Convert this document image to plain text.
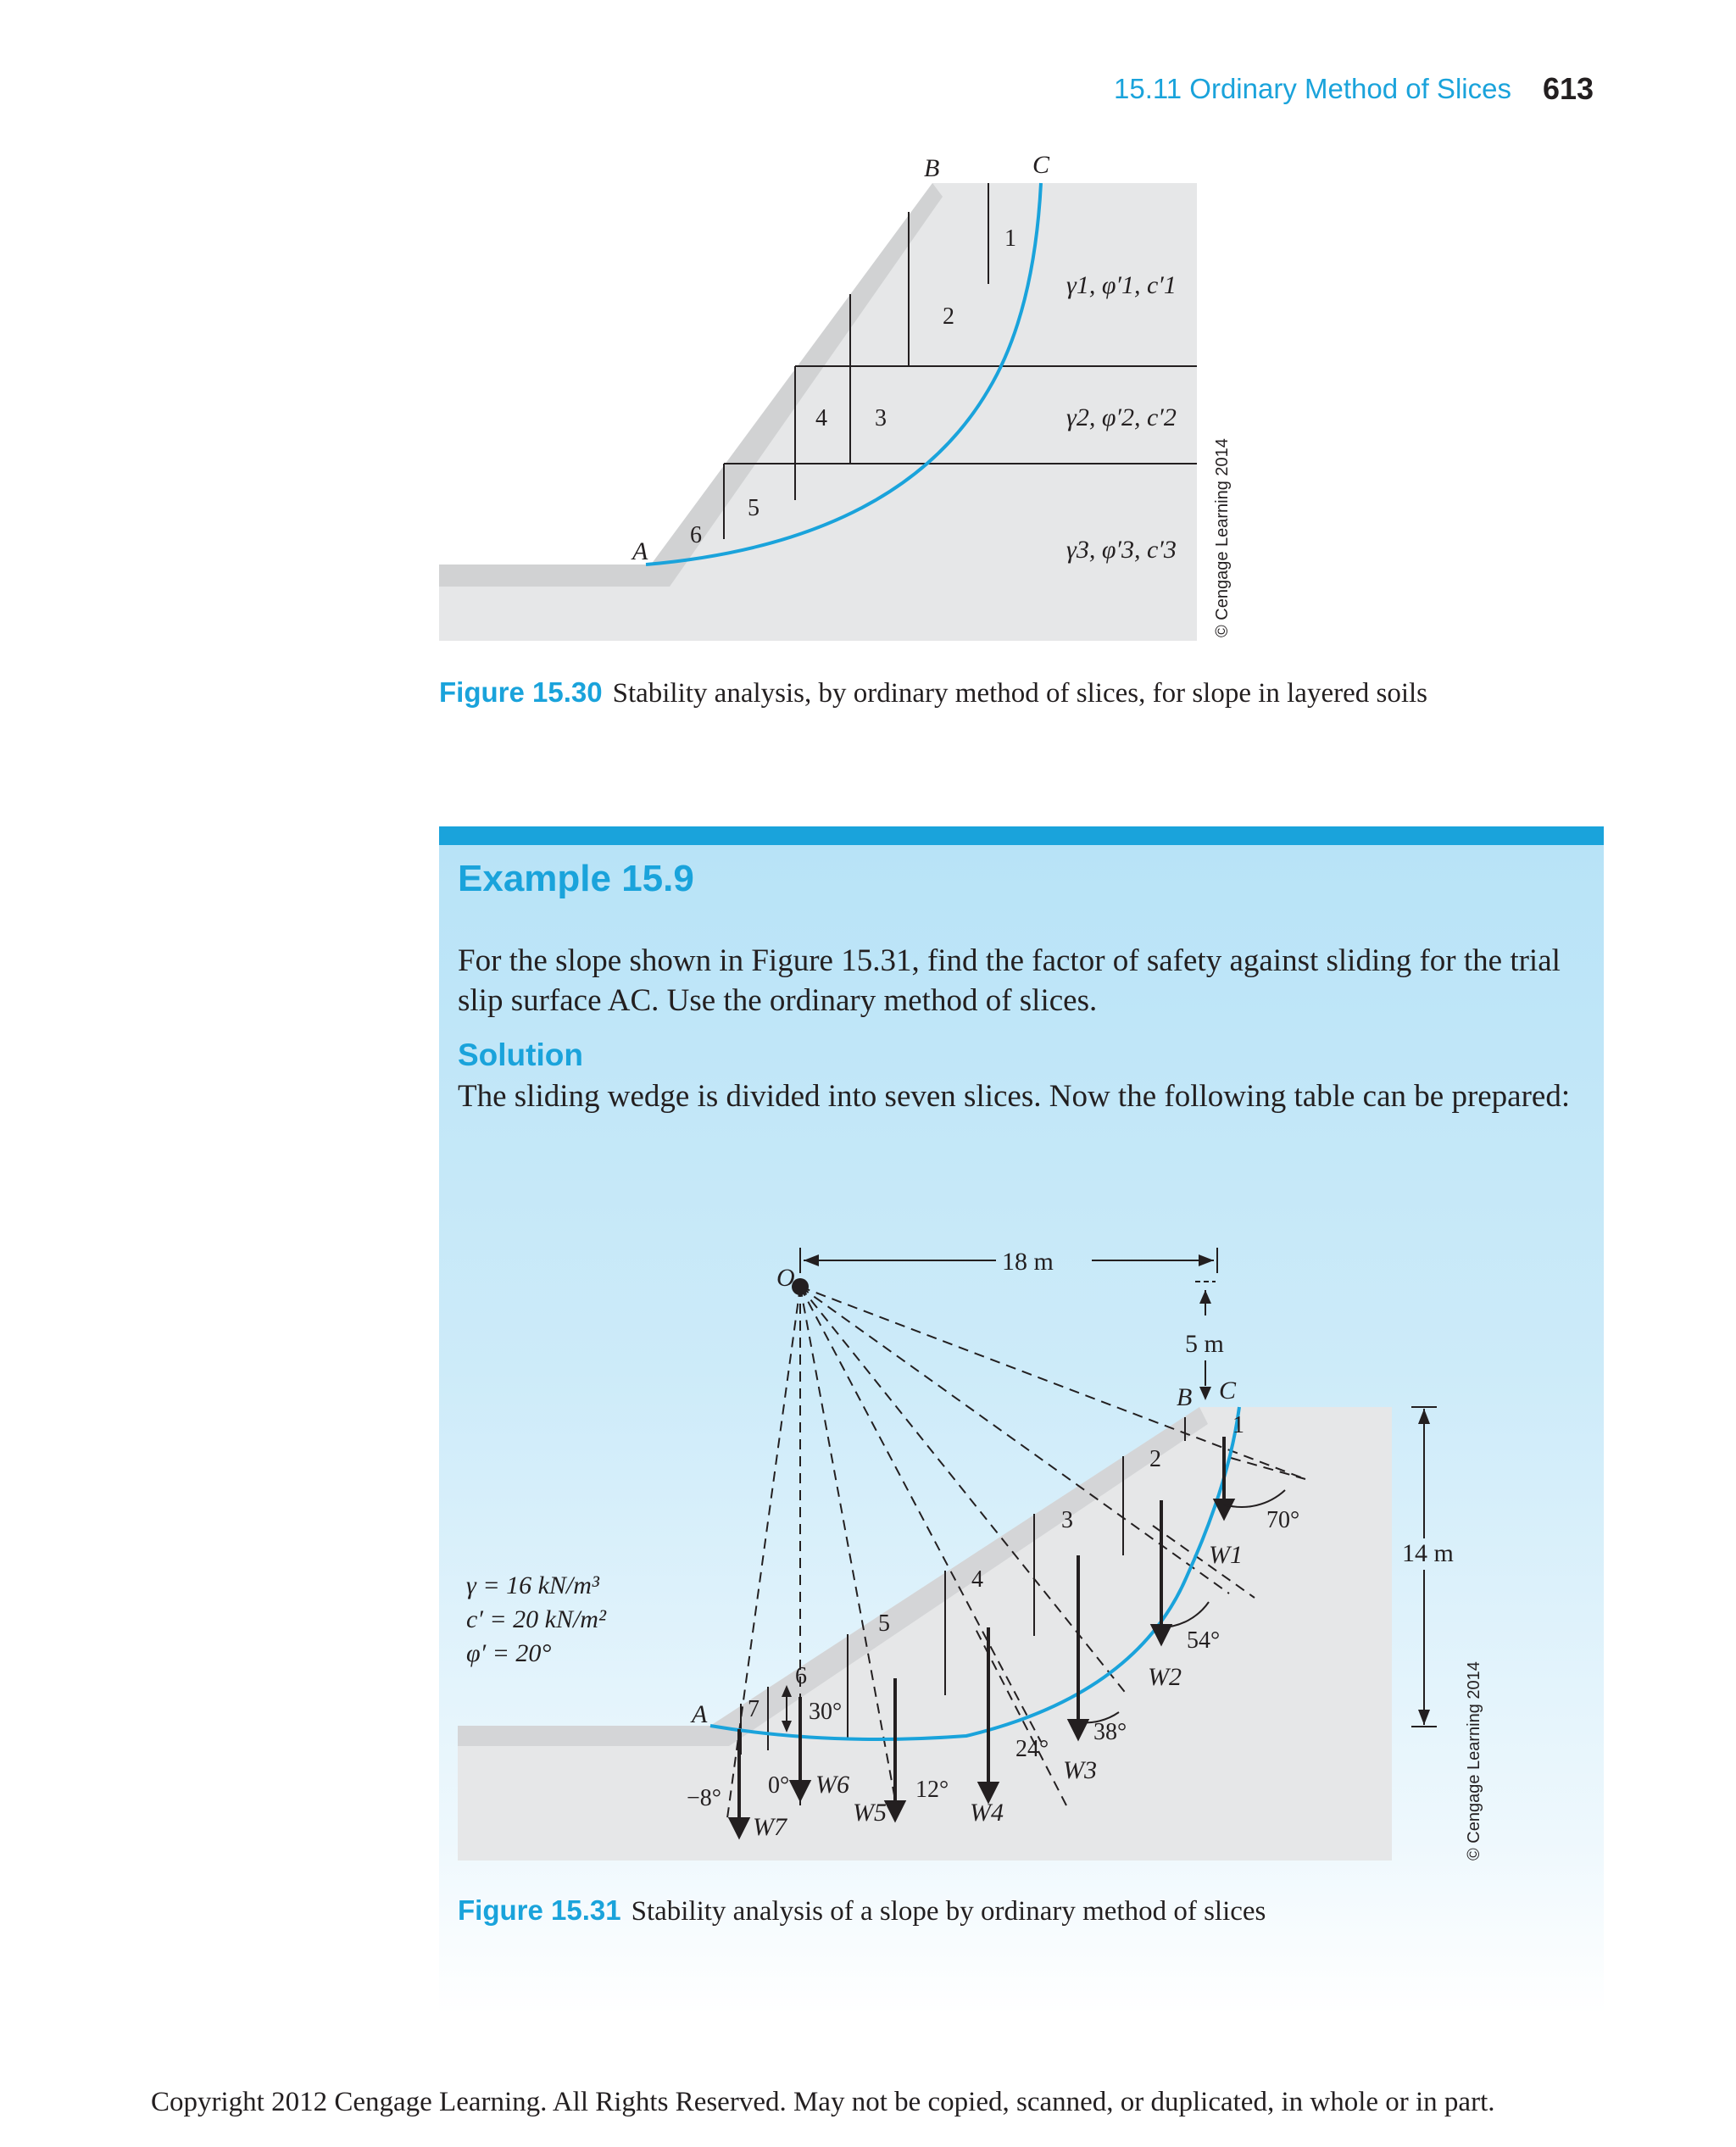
15.11 Ordinary Method of Slices 613
A
B	C
1
2
3
4
5
6
γ1, φ′1, c′1
γ2, φ′2, c′2
γ3, φ′3, c′3 © Cengage Learning 2014
Figure 15.30 Stability analysis, by ordinary method of slices, for slope in layered soils
Example 15.9
For the slope shown in Figure 15.31, find the factor of safety against sliding for the trial slip surface AC. Use the ordinary method of slices.
Solution
The sliding wedge is divided into seven slices. Now the following table can be prepared:
O
18 m
5 m
14 m
A
B C
1
2
3
4
5
6
7
γ = 16 kN/m³
c′ = 20 kN/m²
φ′ = 20°
70°
54°
38°
24°
12°
0°
30°
−8°
W1
W2
W3
W4
W5
W6
W7	© Cengage Learning 2014
Figure 15.31 Stability analysis of a slope by ordinary method of slices
Copyright 2012 Cengage Learning. All Rights Reserved. May not be copied, scanned, or duplicated, in whole or in part.
